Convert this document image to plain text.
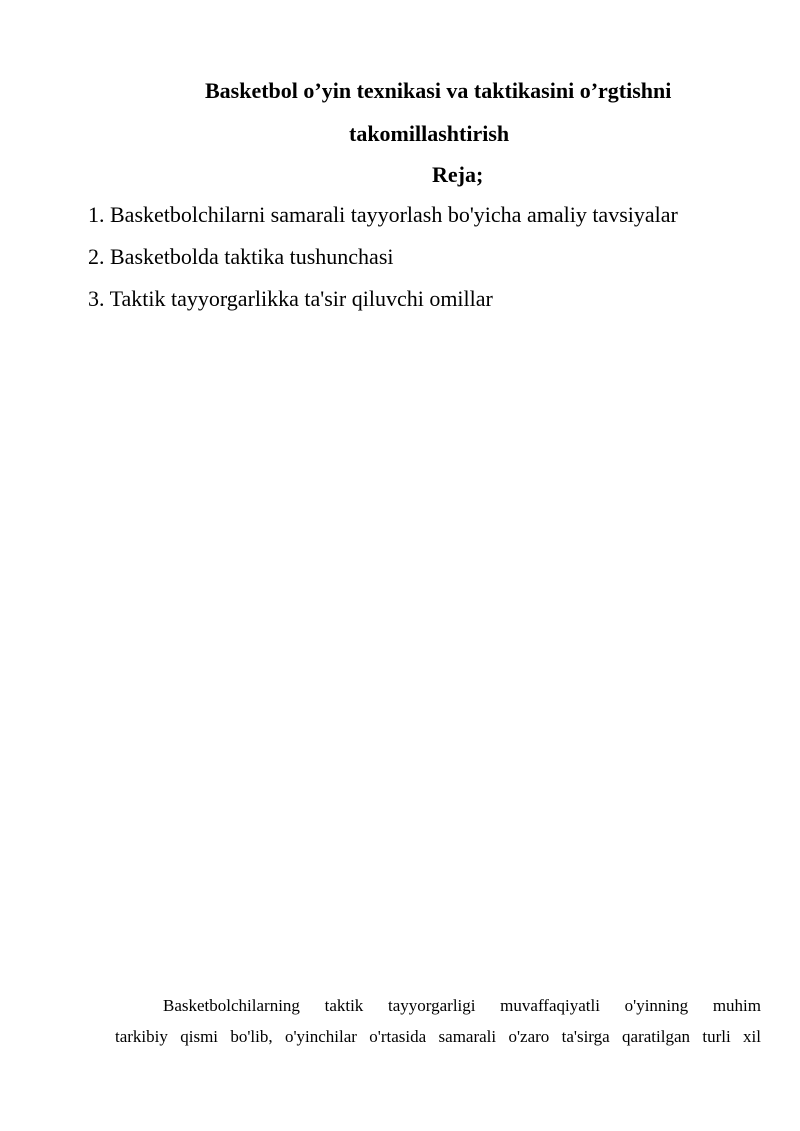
Basketbol o’yin texnikasi va taktikasini o’rgtishni
takomillashtirish
Reja;
1. Basketbolchilarni samarali tayyorlash bo'yicha amaliy tavsiyalar
2. Basketbolda taktika tushunchasi
3. Taktik tayyorgarlikka ta'sir qiluvchi omillar
Basketbolchilarning taktik tayyorgarligi muvaffaqiyatli o'yinning muhim
tarkibiy qismi bo'lib, o'yinchilar o'rtasida samarali o'zaro ta'sirga qaratilgan turli xil
